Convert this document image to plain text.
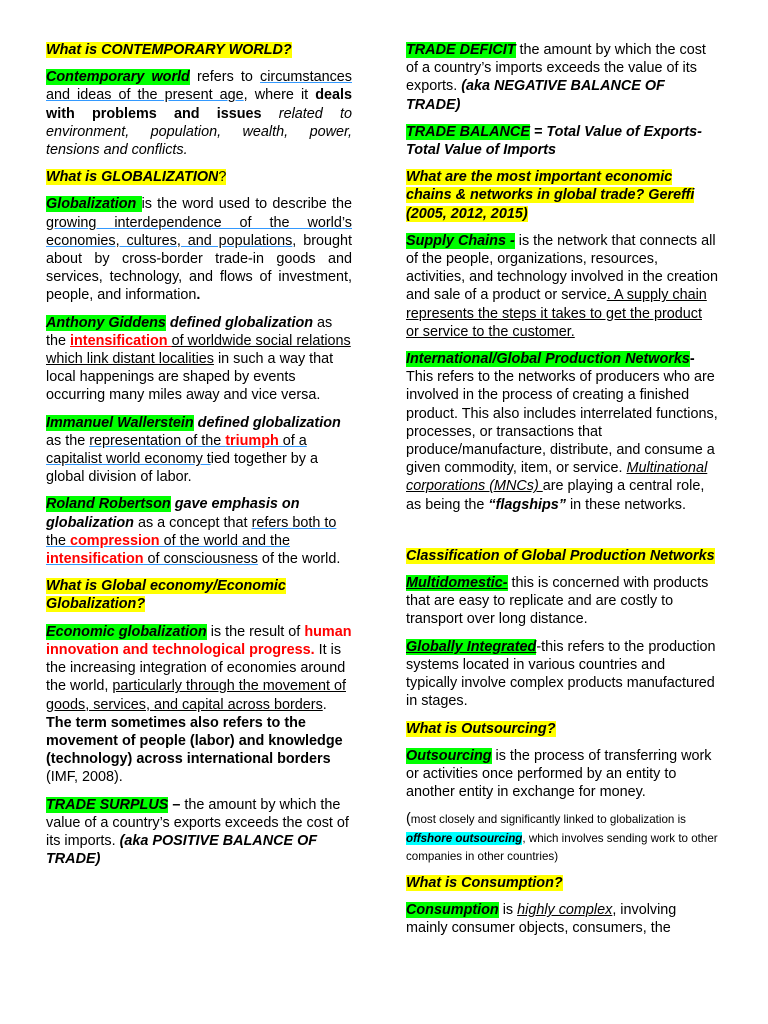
What is CONTEMPORARY WORLD?

Contemporary world refers to circumstances and ideas of the present age, where it deals with problems and issues related to environment, population, wealth, power, tensions and conflicts.

What is GLOBALIZATION?

Globalization is the word used to describe the growing interdependence of the world’s economies, cultures, and populations, brought about by cross-border trade-in goods and services, technology, and flows of investment, people, and information.

Anthony Giddens defined globalization as the intensification of worldwide social relations which link distant localities in such a way that local happenings are shaped by events occurring many miles away and vice versa.

Immanuel Wallerstein defined globalization as the representation of the triumph of a capitalist world economy tied together by a global division of labor.

Roland Robertson gave emphasis on globalization as a concept that refers both to the compression of the world and the intensification of consciousness of the world.

What is Global economy/Economic Globalization?

Economic globalization is the result of human innovation and technological progress. It is the increasing integration of economies around the world, particularly through the movement of goods, services, and capital across borders. The term sometimes also refers to the movement of people (labor) and knowledge (technology) across international borders (IMF, 2008).

TRADE SURPLUS – the amount by which the value of a country’s exports exceeds the cost of its imports. (aka POSITIVE BALANCE OF TRADE)

TRADE DEFICIT the amount by which the cost of a country’s imports exceeds the value of its exports. (aka NEGATIVE BALANCE OF TRADE)

TRADE BALANCE = Total Value of Exports-Total Value of Imports

What are the most important economic chains & networks in global trade? Gereffi (2005, 2012, 2015)

Supply Chains - is the network that connects all of the people, organizations, resources, activities, and technology involved in the creation and sale of a product or service. A supply chain represents the steps it takes to get the product or service to the customer.

International/Global Production Networks- This refers to the networks of producers who are involved in the process of creating a finished product. This also includes interrelated functions, processes, or transactions that produce/manufacture, distribute, and consume a given commodity, item, or service. Multinational corporations (MNCs) are playing a central role, as being the “flagships” in these networks.

Classification of Global Production Networks

Multidomestic- this is concerned with products that are easy to replicate and are costly to transport over long distance.

Globally Integrated-this refers to the production systems located in various countries and typically involve complex products manufactured in stages.

What is Outsourcing?

Outsourcing is the process of transferring work or activities once performed by an entity to another entity in exchange for money.

(most closely and significantly linked to globalization is offshore outsourcing, which involves sending work to other companies in other countries)

What is Consumption?

Consumption is highly complex, involving mainly consumer objects, consumers, the
